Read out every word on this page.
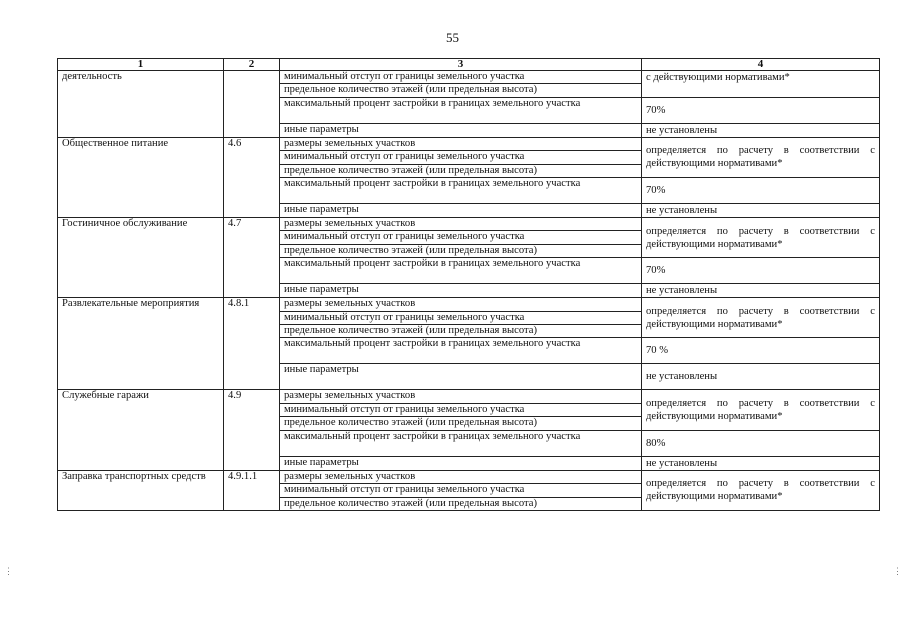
55
1	2	3	4
деятельность		минимальный отступ от границы земельного участка	с действующими нормативами*
		предельное количество этажей (или предельная высота)	
		максимальный процент застройки в границах земельного участка	70%
		иные параметры	не установлены
Общественное питание	4.6	размеры земельных участков	определяется по расчету в соответствии с действующими нормативами*
		минимальный отступ от границы земельного участка	
		предельное количество этажей (или предельная высота)	
		максимальный процент застройки в границах земельного участка	70%
		иные параметры	не установлены
Гостиничное обслуживание	4.7	размеры земельных участков	определяется по расчету в соответствии с действующими нормативами*
		минимальный отступ от границы земельного участка	
		предельное количество этажей (или предельная высота)	
		максимальный процент застройки в границах земельного участка	70%
		иные параметры	не установлены
Развлекательные мероприятия	4.8.1	размеры земельных участков	определяется по расчету в соответствии с действующими нормативами*
		минимальный отступ от границы земельного участка	
		предельное количество этажей (или предельная высота)	
		максимальный процент застройки в границах земельного участка	70 %
		иные параметры	не установлены
Служебные гаражи	4.9	размеры земельных участков	определяется по расчету в соответствии с действующими нормативами*
		минимальный отступ от границы земельного участка	
		предельное количество этажей (или предельная высота)	
		максимальный процент застройки в границах земельного участка	80%
		иные параметры	не установлены
Заправка транспортных средств	4.9.1.1	размеры земельных участков	определяется по расчету в соответствии с действующими нормативами*
		минимальный отступ от границы земельного участка	
		предельное количество этажей (или предельная высота)	
⋮	⋮
